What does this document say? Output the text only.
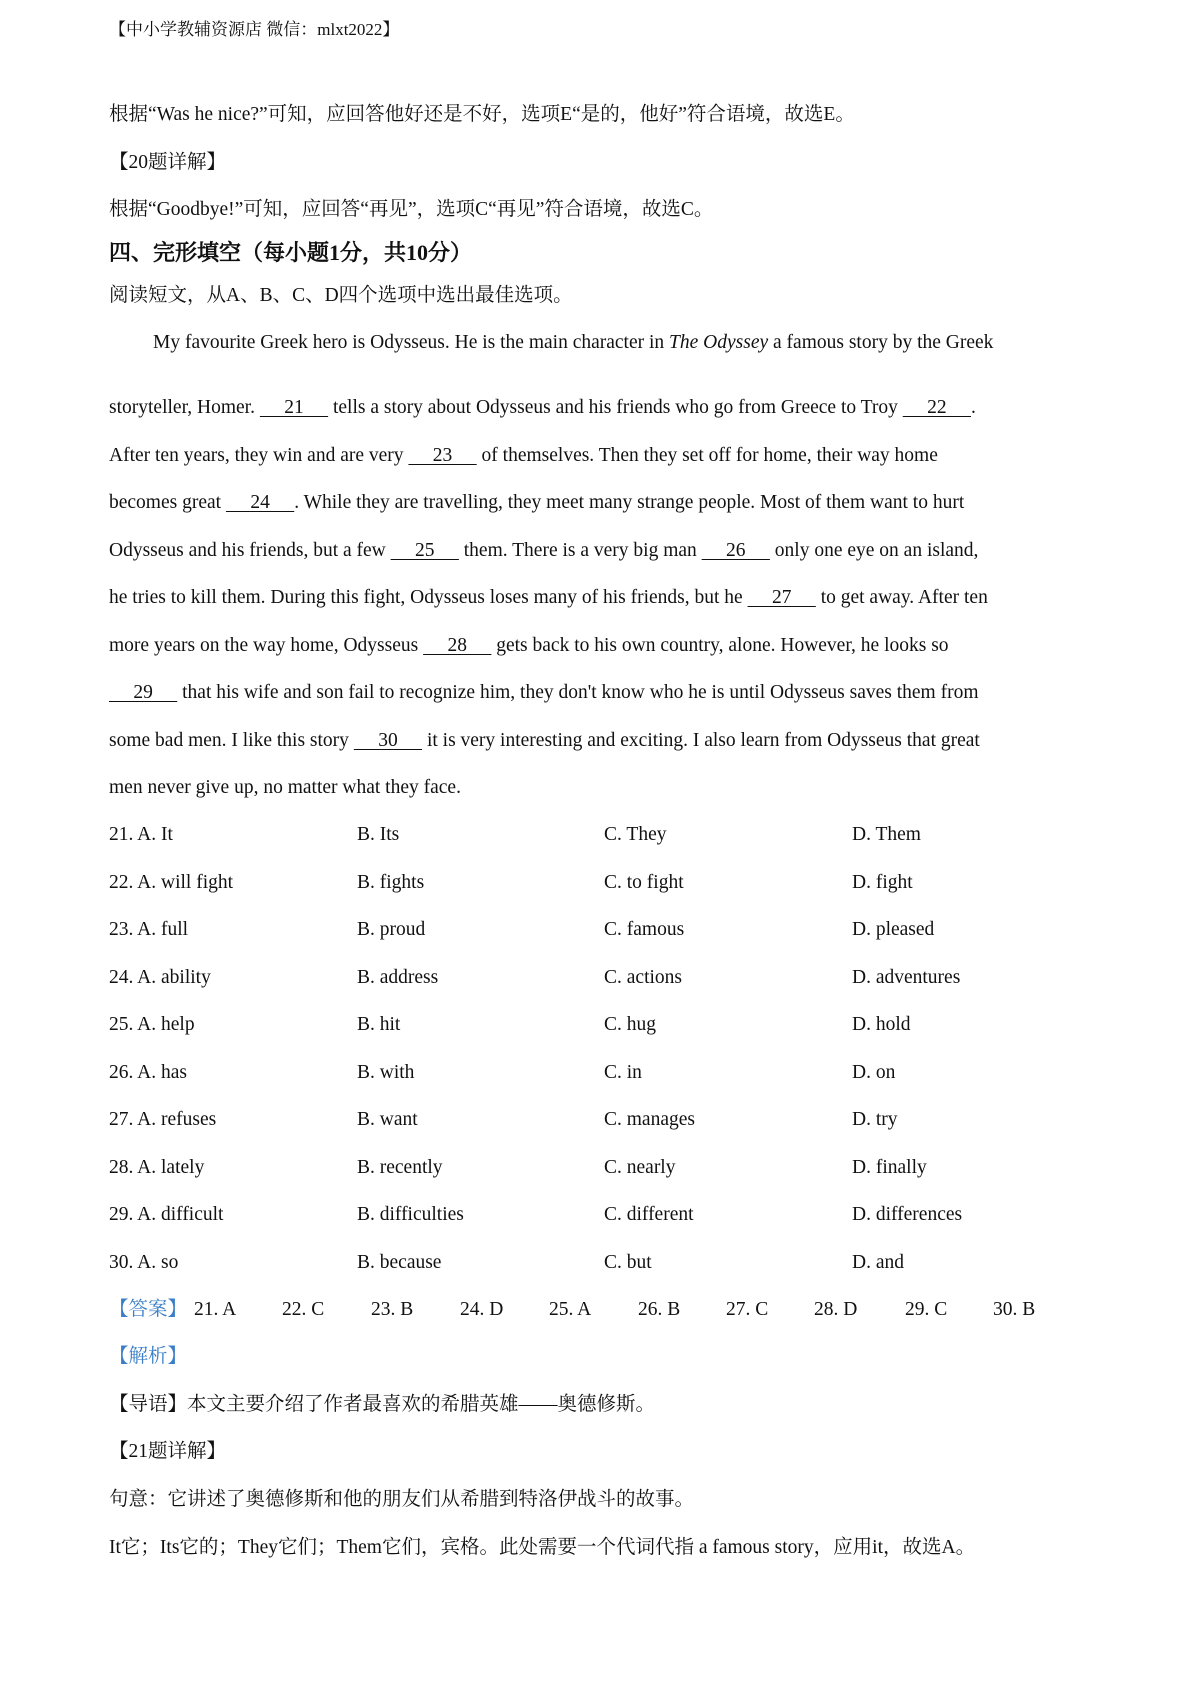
【中小学教辅资源店 微信：mlxt2022】
根据“Was he nice?”可知，应回答他好还是不好，选项E“是的，他好”符合语境，故选E。
【20题详解】
根据“Goodbye!”可知，应回答“再见”，选项C“再见”符合语境，故选C。
四、完形填空（每小题1分，共10分）
阅读短文，从A、B、C、D四个选项中选出最佳选项。
My favourite Greek hero is Odysseus. He is the main character in The Odyssey a famous story by the Greek
storyteller, Homer.      21      tells a story about Odysseus and his friends who go from Greece to Troy      22     .
After ten years, they win and are very      23      of themselves. Then they set off for home, their way home
becomes great      24     . While they are travelling, they meet many strange people. Most of them want to hurt
Odysseus and his friends, but a few      25      them. There is a very big man      26      only one eye on an island,
he tries to kill them. During this fight, Odysseus loses many of his friends, but he      27      to get away. After ten
more years on the way home, Odysseus      28      gets back to his own country, alone. However, he looks so
29      that his wife and son fail to recognize him, they don't know who he is until Odysseus saves them from
some bad men. I like this story      30      it is very interesting and exciting. I also learn from Odysseus that great
men never give up, no matter what they face.
21. A. It	B. Its	C. They	D. Them
22. A. will fight	B. fights	C. to fight	D. fight
23. A. full	B. proud	C. famous	D. pleased
24. A. ability	B. address	C. actions	D. adventures
25. A. help	B. hit	C. hug	D. hold
26. A. has	B. with	C. in	D. on
27. A. refuses	B. want	C. manages	D. try
28. A. lately	B. recently	C. nearly	D. finally
29. A. difficult	B. difficulties	C. different	D. differences
30. A. so	B. because	C. but	D. and
【答案】 21. A 22. C 23. B 24. D 25. A 26. B 27. C 28. D 29. C 30. B
【解析】
【导语】本文主要介绍了作者最喜欢的希腊英雄——奥德修斯。
【21题详解】
句意：它讲述了奥德修斯和他的朋友们从希腊到特洛伊战斗的故事。
It它；Its它的；They它们；Them它们，宾格。此处需要一个代词代指 a famous story，应用it，故选A。
